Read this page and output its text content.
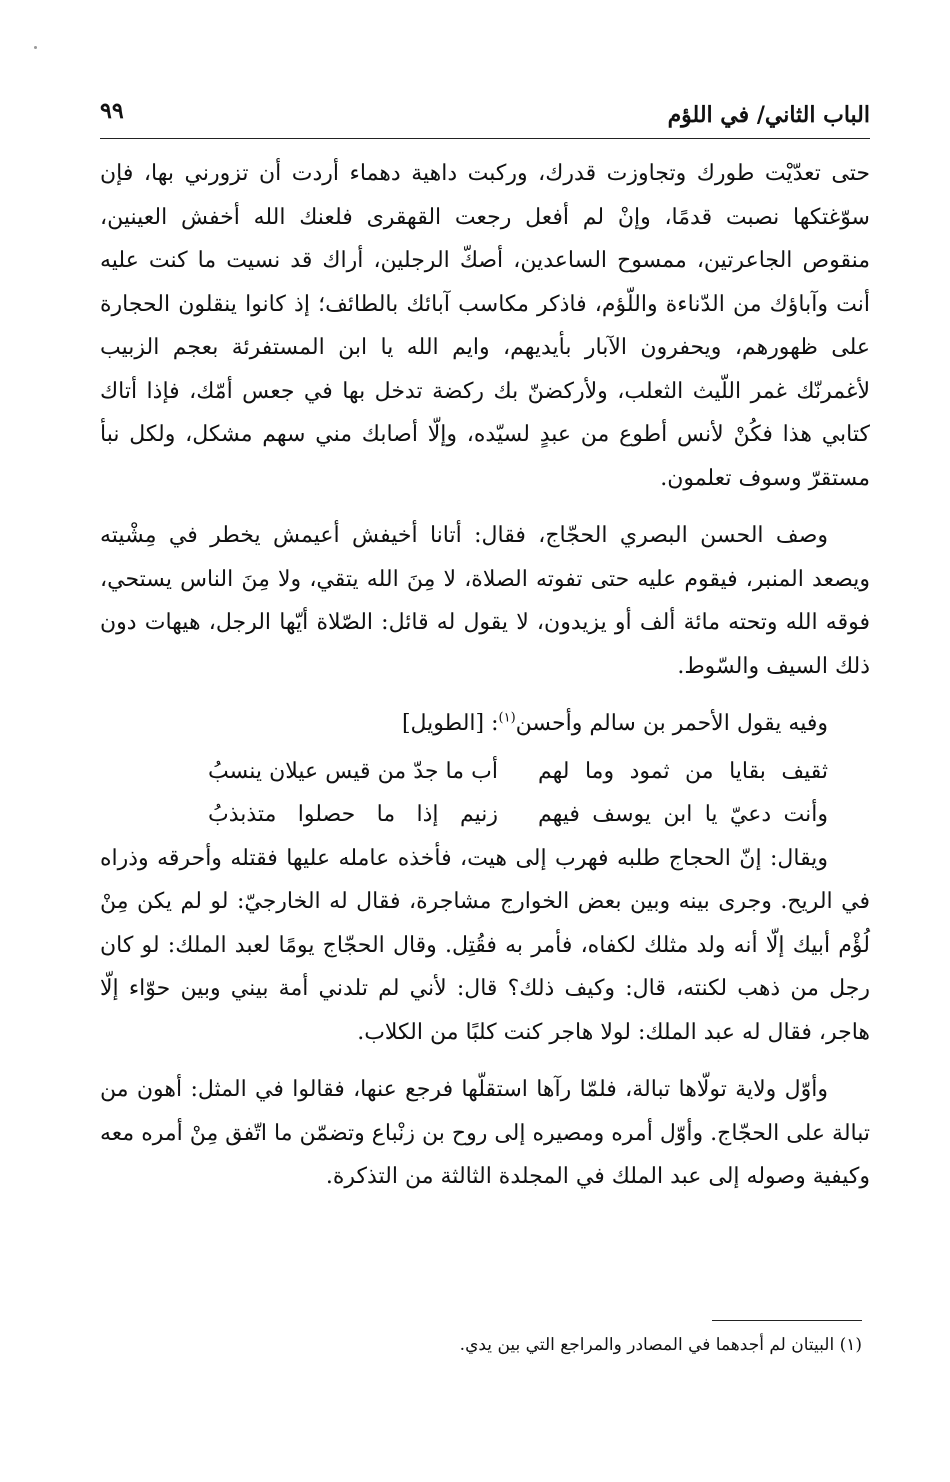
الباب الثاني/ في اللؤم
٩٩

حتى تعدّيْت طورك وتجاوزت قدرك، وركبت داهية دهماء أردت أن تزورني بها، فإن سوّغتكها نصبت قدمًا، وإنْ لم أفعل رجعت القهقرى فلعنك الله أخفش العينين، منقوص الجاعرتين، ممسوح الساعدين، أصكّ الرجلين، أراك قد نسيت ما كنت عليه أنت وآباؤك من الدّناءة واللّؤم، فاذكر مكاسب آبائك بالطائف؛ إذ كانوا ينقلون الحجارة على ظهورهم، ويحفرون الآبار بأيديهم، وايم الله يا ابن المستفرئة بعجم الزبيب لأغمرنّك غمر اللّيث الثعلب، ولأركضنّ بك ركضة تدخل بها في جعس أمّك، فإذا أتاك كتابي هذا فكُنْ لأنس أطوع من عبدٍ لسيّده، وإلّا أصابك مني سهم مشكل، ولكل نبأ مستقرّ وسوف تعلمون.

وصف الحسن البصري الحجّاج، فقال: أتانا أخيفش أعيمش يخطر في مِشْيته ويصعد المنبر، فيقوم عليه حتى تفوته الصلاة، لا مِنَ الله يتقي، ولا مِنَ الناس يستحي، فوقه الله وتحته مائة ألف أو يزيدون، لا يقول له قائل: الصّلاة أيّها الرجل، هيهات دون ذلك السيف والسّوط.

وفيه يقول الأحمر بن سالم وأحسن$^{(١)}$: [الطويل]

ثقيف بقايا من ثمود وما لهم
أب ما جدّ من قيس عيلان ينسبُ
وأنت دعيّ يا ابن يوسف فيهم
زنيم إذا ما حصلوا متذبذبُ

ويقال: إنّ الحجاج طلبه فهرب إلى هيت، فأخذه عامله عليها فقتله وأحرقه وذراه في الريح. وجرى بينه وبين بعض الخوارج مشاجرة، فقال له الخارجيّ: لو لم يكن مِنْ لُؤْم أبيك إلّا أنه ولد مثلك لكفاه، فأمر به فقُتِل. وقال الحجّاج يومًا لعبد الملك: لو كان رجل من ذهب لكنته، قال: وكيف ذلك؟ قال: لأني لم تلدني أمة بيني وبين حوّاء إلّا هاجر، فقال له عبد الملك: لولا هاجر كنت كلبًا من الكلاب.

وأوّل ولاية تولّاها تبالة، فلمّا رآها استقلّها فرجع عنها، فقالوا في المثل: أهون من تبالة على الحجّاج. وأوّل أمره ومصيره إلى روح بن زنْباع وتضمّن ما اتّفق مِنْ أمره معه وكيفية وصوله إلى عبد الملك في المجلدة الثالثة من التذكرة.

(١) البيتان لم أجدهما في المصادر والمراجع التي بين يدي.
